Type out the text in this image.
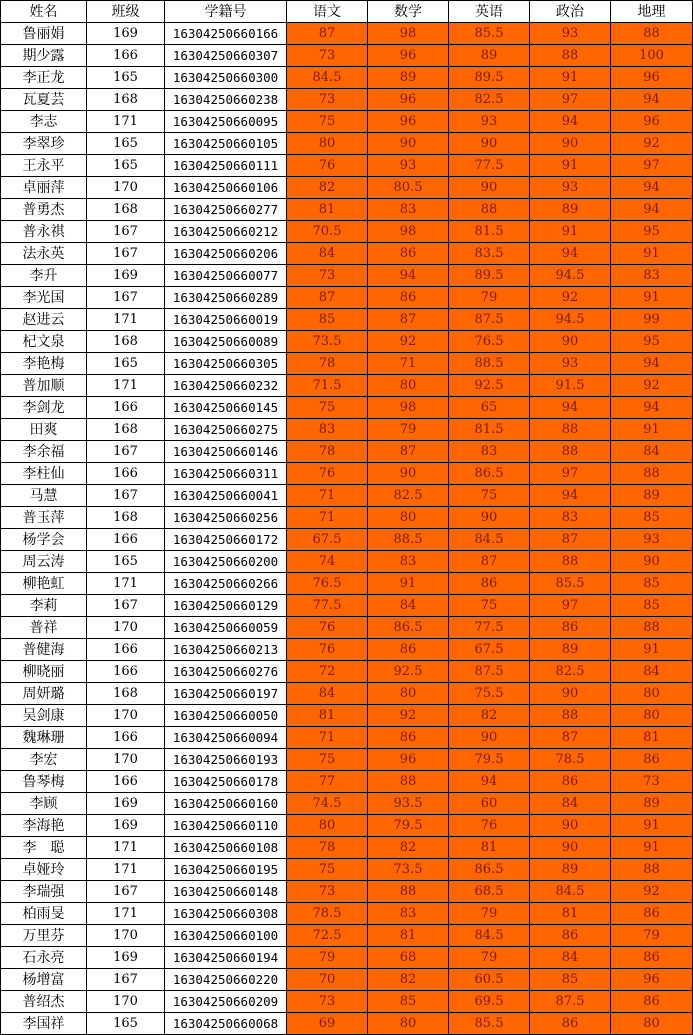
姓名	班级	学籍号	语文	数学	英语	政治	地理
鲁丽娟	169	16304250660166	87	98	85.5	93	88
期少露	166	16304250660307	73	96	89	88	100
李正龙	165	16304250660300	84.5	89	89.5	91	96
瓦夏芸	168	16304250660238	73	96	82.5	97	94
李志	171	16304250660095	75	96	93	94	96
李翠珍	165	16304250660105	80	90	90	90	92
王永平	165	16304250660111	76	93	77.5	91	97
卓丽萍	170	16304250660106	82	80.5	90	93	94
普勇杰	168	16304250660277	81	83	88	89	94
普永祺	167	16304250660212	70.5	98	81.5	91	95
法永英	167	16304250660206	84	86	83.5	94	91
李升	169	16304250660077	73	94	89.5	94.5	83
李光国	167	16304250660289	87	86	79	92	91
赵进云	171	16304250660019	85	87	87.5	94.5	99
杞文泉	168	16304250660089	73.5	92	76.5	90	95
李艳梅	165	16304250660305	78	71	88.5	93	94
普加顺	171	16304250660232	71.5	80	92.5	91.5	92
李剑龙	166	16304250660145	75	98	65	94	94
田爽	168	16304250660275	83	79	81.5	88	91
李余福	167	16304250660146	78	87	83	88	84
李柱仙	166	16304250660311	76	90	86.5	97	88
马慧	167	16304250660041	71	82.5	75	94	89
普玉萍	168	16304250660256	71	80	90	83	85
杨学会	166	16304250660172	67.5	88.5	84.5	87	93
周云涛	165	16304250660200	74	83	87	88	90
柳艳虹	171	16304250660266	76.5	91	86	85.5	85
李莉	167	16304250660129	77.5	84	75	97	85
普祥	170	16304250660059	76	86.5	77.5	86	88
普健海	166	16304250660213	76	86	67.5	89	91
柳晓丽	166	16304250660276	72	92.5	87.5	82.5	84
周妍璐	168	16304250660197	84	80	75.5	90	80
吴剑康	170	16304250660050	81	92	82	88	80
魏琳珊	166	16304250660094	71	86	90	87	81
李宏	170	16304250660193	75	96	79.5	78.5	86
鲁琴梅	166	16304250660178	77	88	94	86	73
李顾	169	16304250660160	74.5	93.5	60	84	89
李海艳	169	16304250660110	80	79.5	76	90	91
李　聪	171	16304250660108	78	82	81	90	91
卓娅玲	171	16304250660195	75	73.5	86.5	89	88
李瑞强	167	16304250660148	73	88	68.5	84.5	92
柏雨旻	171	16304250660308	78.5	83	79	81	86
万里芬	170	16304250660100	72.5	81	84.5	86	79
石永亮	169	16304250660194	79	68	79	84	86
杨增富	167	16304250660220	70	82	60.5	85	96
普绍杰	170	16304250660209	73	85	69.5	87.5	86
李国祥	165	16304250660068	69	80	85.5	86	80
